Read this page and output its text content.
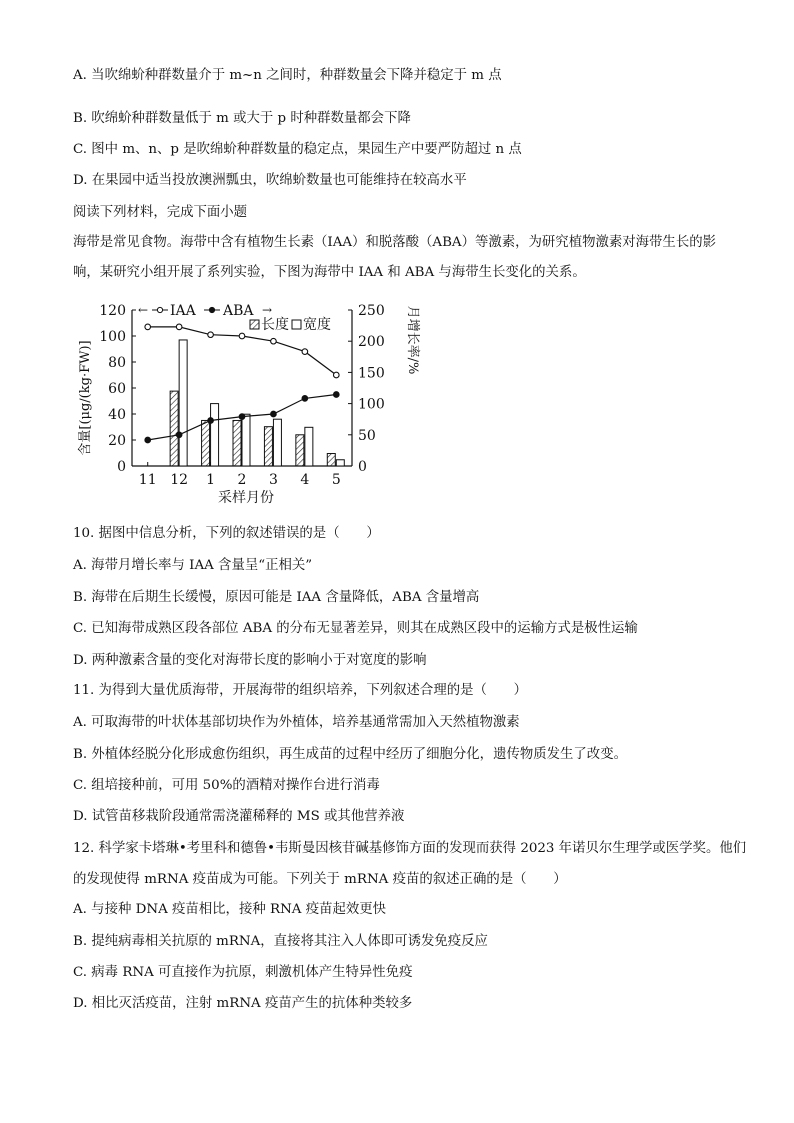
A. 当吹绵蚧种群数量介于 m~n 之间时，种群数量会下降并稳定于 m 点
B. 吹绵蚧种群数量低于 m 或大于 p 时种群数量都会下降
C. 图中 m、n、p 是吹绵蚧种群数量的稳定点，果园生产中要严防超过 n 点
D. 在果园中适当投放澳洲瓢虫，吹绵蚧数量也可能维持在较高水平
阅读下列材料，完成下面小题
海带是常见食物。海带中含有植物生长素（IAA）和脱落酸（ABA）等激素，为研究植物激素对海带生长的影响，某研究小组开展了系列实验，下图为海带中 IAA 和 ABA 与海带生长变化的关系。
0
20
40
60
80
100
120
0
50
100
150
200
250
11 12 1 2 3 4 5
← IAA ABA →
长度 宽度
含量[(μg/(kg·FW)]
月增长率/%
采样月份
10. 据图中信息分析，下列的叙述错误的是（　　）
A. 海带月增长率与 IAA 含量呈“正相关”
B. 海带在后期生长缓慢，原因可能是 IAA 含量降低，ABA 含量增高
C. 已知海带成熟区段各部位 ABA 的分布无显著差异，则其在成熟区段中的运输方式是极性运输
D. 两种激素含量的变化对海带长度的影响小于对宽度的影响
11. 为得到大量优质海带，开展海带的组织培养，下列叙述合理的是（　　）
A. 可取海带的叶状体基部切块作为外植体，培养基通常需加入天然植物激素
B. 外植体经脱分化形成愈伤组织，再生成苗的过程中经历了细胞分化，遗传物质发生了改变。
C. 组培接种前，可用 50%的酒精对操作台进行消毒
D. 试管苗移栽阶段通常需浇灌稀释的 MS 或其他营养液
12. 科学家卡塔琳•考里科和德鲁•韦斯曼因核苷碱基修饰方面的发现而获得 2023 年诺贝尔生理学或医学奖。他们的发现使得 mRNA 疫苗成为可能。下列关于 mRNA 疫苗的叙述正确的是（　　）
A. 与接种 DNA 疫苗相比，接种 RNA 疫苗起效更快
B. 提纯病毒相关抗原的 mRNA，直接将其注入人体即可诱发免疫反应
C. 病毒 RNA 可直接作为抗原，刺激机体产生特异性免疫
D. 相比灭活疫苗，注射 mRNA 疫苗产生的抗体种类较多
